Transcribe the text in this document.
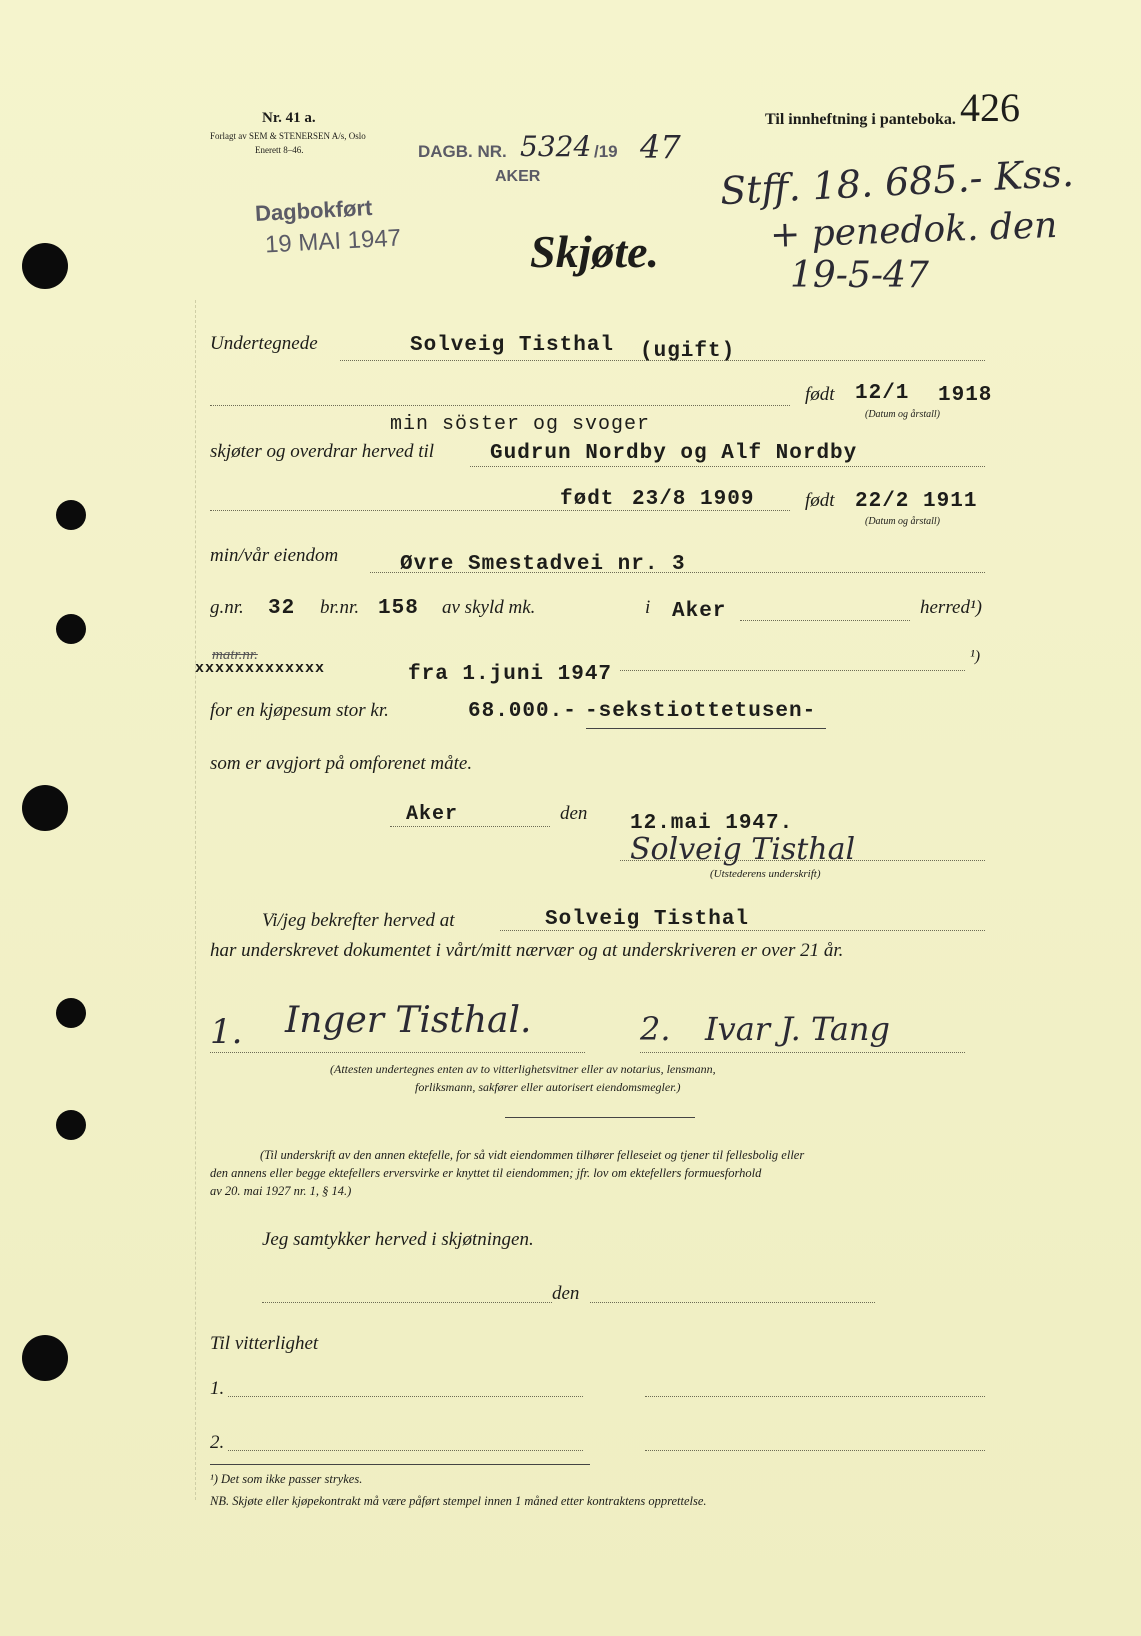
Nr. 41 a.
Forlagt av SEM & STENERSEN A/s, Oslo
Enerett 8–46.	DAGB. NR. 5324 /19 47
AKER
Til innheftning i panteboka. 426
Dagbokført
19 MAI 1947
Stff. 18. 685.- Kss.
+ penedok. den
19-5-47
Skjøte.
Undertegnede	Solveig Tisthal (ugift)
født 12/1 1918
(Datum og årstall)
min söster og svoger
skjøter og overdrar herved til	Gudrun Nordby og Alf Nordby
født 23/8 1909	født 22/2 1911
(Datum og årstall)
min/vår eiendom	Øvre Smestadvei nr. 3
g.nr. 32 br.nr. 158 av skyld mk.	i Aker	herred¹)
matr.nr.
xxxxxxxxxxxxx	fra 1.juni 1947
¹)
for en kjøpesum stor kr.	68.000.- -sekstiottetusen-
som er avgjort på omforenet måte.
Aker	den 12.mai 1947.
Solveig Tisthal
(Utstederens underskrift)
Vi/jeg bekrefter herved at	Solveig Tisthal
har underskrevet dokumentet i vårt/mitt nærvær og at underskriveren er over 21 år.
1. Inger Tisthal.	2. Ivar J. Tang
(Attesten undertegnes enten av to vitterlighetsvitner eller av notarius, lensmann,
forliksmann, sakfører eller autorisert eiendomsmegler.)
(Til underskrift av den annen ektefelle, for så vidt eiendommen tilhører felleseiet og tjener til fellesbolig eller
den annens eller begge ektefellers erversvirke er knyttet til eiendommen; jfr. lov om ektefellers formuesforhold
av 20. mai 1927 nr. 1, § 14.)
Jeg samtykker herved i skjøtningen.
den
Til vitterlighet
1.
2.
¹) Det som ikke passer strykes.
NB. Skjøte eller kjøpekontrakt må være påført stempel innen 1 måned etter kontraktens opprettelse.
